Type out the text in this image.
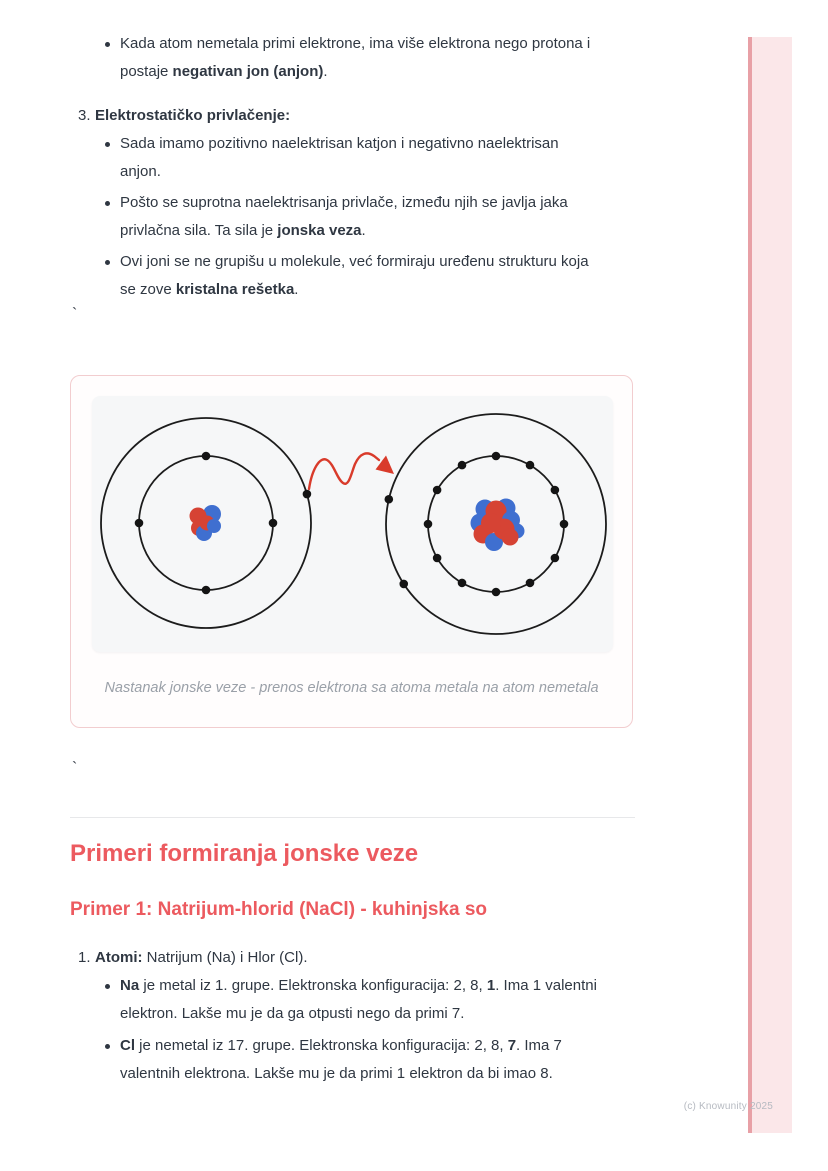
Kada atom nemetala primi elektrone, ima više elektrona nego protona i
postaje negativan jon (anjon).

3. Elektrostatičko privlačenje:

Sada imamo pozitivno naelektrisan katjon i negativno naelektrisan
anjon.

Pošto se suprotna naelektrisanja privlače, između njih se javlja jaka
privlačna sila. Ta sila je jonska veza.

Ovi joni se ne grupišu u molekule, već formiraju uređenu strukturu koja
se zove kristalna rešetka.

`
Nastanak jonske veze - prenos elektrona sa atoma metala na atom nemetala
`
Primeri formiranja jonske veze
Primer 1: Natrijum-hlorid (NaCl) - kuhinjska so
1. Atomi: Natrijum (Na) i Hlor (Cl).

Na je metal iz 1. grupe. Elektronska konfiguracija: 2, 8, 1. Ima 1 valentni
elektron. Lakše mu je da ga otpusti nego da primi 7.

Cl je nemetal iz 17. grupe. Elektronska konfiguracija: 2, 8, 7. Ima 7
valentnih elektrona. Lakše mu je da primi 1 elektron da bi imao 8.

(c) Knowunity 2025
